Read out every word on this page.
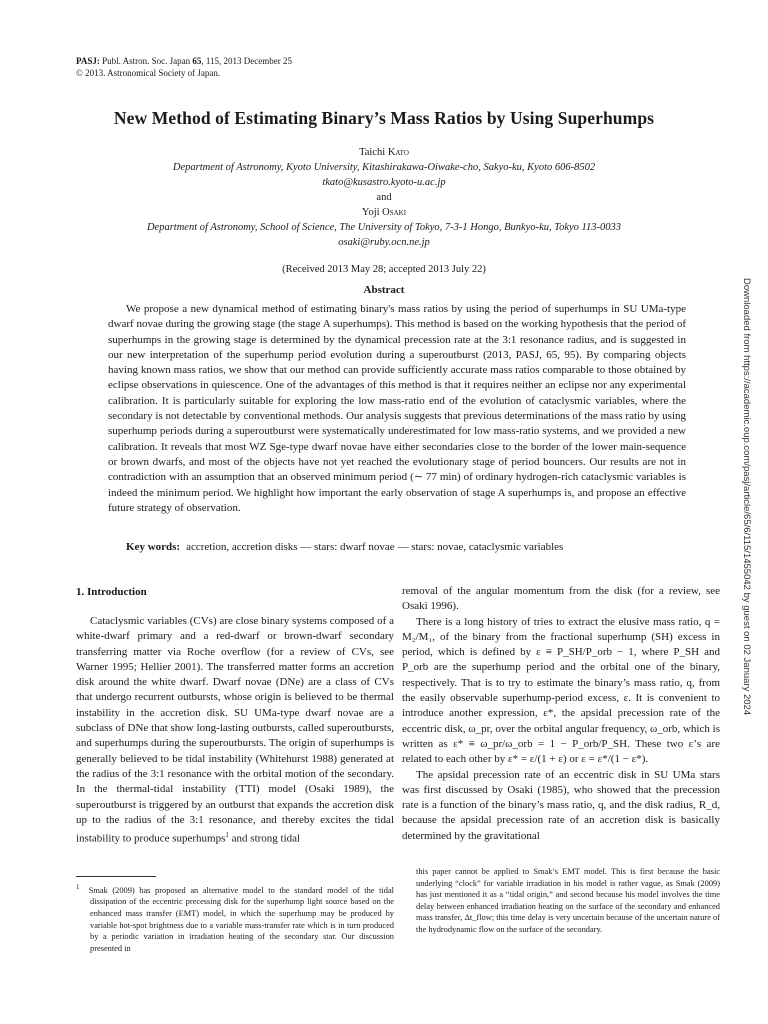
PASJ: Publ. Astron. Soc. Japan 65, 115, 2013 December 25
© 2013. Astronomical Society of Japan.
New Method of Estimating Binary’s Mass Ratios by Using Superhumps
Taichi Kato
Department of Astronomy, Kyoto University, Kitashirakawa-Oiwake-cho, Sakyo-ku, Kyoto 606-8502
tkato@kusastro.kyoto-u.ac.jp
and
Yoji Osaki
Department of Astronomy, School of Science, The University of Tokyo, 7-3-1 Hongo, Bunkyo-ku, Tokyo 113-0033
osaki@ruby.ocn.ne.jp
(Received 2013 May 28; accepted 2013 July 22)
Abstract
We propose a new dynamical method of estimating binary's mass ratios by using the period of superhumps in SU UMa-type dwarf novae during the growing stage (the stage A superhumps). This method is based on the working hypothesis that the period of superhumps in the growing stage is determined by the dynamical precession rate at the 3:1 resonance radius, and is suggested in our new interpretation of the superhump period evolution during a superoutburst (2013, PASJ, 65, 95). By comparing objects having known mass ratios, we show that our method can provide sufficiently accurate mass ratios comparable to those obtained by eclipse observations in quiescence. One of the advantages of this method is that it requires neither an eclipse nor any experimental calibration. It is particularly suitable for exploring the low mass-ratio end of the evolution of cataclysmic variables, where the secondary is not detectable by conventional methods. Our analysis suggests that previous determinations of the mass ratio by using superhump periods during a superoutburst were systematically underestimated for low mass-ratio systems, and we provided a new calibration. It reveals that most WZ Sge-type dwarf novae have either secondaries close to the border of the lower main-sequence or brown dwarfs, and most of the objects have not yet reached the evolutionary stage of period bouncers. Our results are not in contradiction with an assumption that an observed minimum period (∼ 77 min) of ordinary hydrogen-rich cataclysmic variables is indeed the minimum period. We highlight how important the early observation of stage A superhumps is, and propose an effective future strategy of observation.
Key words: accretion, accretion disks — stars: dwarf novae — stars: novae, cataclysmic variables
1. Introduction

Cataclysmic variables (CVs) are close binary systems composed of a white-dwarf primary and a red-dwarf or brown-dwarf secondary transferring matter via Roche overflow (for a review of CVs, see Warner 1995; Hellier 2001). The transferred matter forms an accretion disk around the white dwarf. Dwarf novae (DNe) are a class of CVs that undergo recurrent outbursts, whose origin is believed to be thermal instability in the accretion disk. SU UMa-type dwarf novae are a subclass of DNe that show long-lasting outbursts, called superoutbursts, and superhumps during the superoutbursts. The origin of superhumps is generally believed to be tidal instability (Whitehurst 1988) generated at the radius of the 3:1 resonance with the orbital motion of the secondary. In the thermal-tidal instability (TTI) model (Osaki 1989), the superoutburst is triggered by an outburst that expands the accretion disk up to the radius of the 3:1 resonance, and thereby excites the tidal instability to produce superhumps$^1$ and strong tidal

removal of the angular momentum from the disk (for a review, see Osaki 1996).

There is a long history of tries to extract the elusive mass ratio, q = M₂/M₁, of the binary from the fractional superhump (SH) excess in period, which is defined by ε ≡ P_SH/P_orb − 1, where P_SH and P_orb are the superhump period and the orbital one of the binary, respectively. That is to try to estimate the binary’s mass ratio, q, from the easily observable superhump-period excess, ε. It is convenient to introduce another expression, ε*, the apsidal precession rate of the eccentric disk, ω_pr, over the orbital angular frequency, ω_orb, which is written as ε* ≡ ω_pr/ω_orb = 1 − P_orb/P_SH. These two ε’s are related to each other by ε* = ε/(1 + ε) or ε = ε*/(1 − ε*).

The apsidal precession rate of an eccentric disk in SU UMa stars was first discussed by Osaki (1985), who showed that the precession rate is a function of the binary’s mass ratio, q, and the disk radius, R_d, because the apsidal precession rate of an accretion disk is basically determined by the gravitational

$^1$ Smak (2009) has proposed an alternative model to the standard model of the tidal dissipation of the eccentric precessing disk for the superhump light source based on the enhanced mass transfer (EMT) model, in which the superhump may be produced by variable hot-spot brightness due to a variable mass-transfer rate which is in turn produced by a periodic variation in irradiation heating of the secondary star. Our discussion presented in

this paper cannot be applied to Smak’s EMT model. This is first because the basic underlying “clock” for variable irradiation in his model is rather vague, as Smak (2009) has just mentioned it as a “tidal origin,” and second because his model involves the time delay between enhanced irradiation heating on the surface of the secondary and enhanced mass transfer, Δt_flow; this time delay is very uncertain because of the uncertain nature of the hydrodynamic flow on the surface of the secondary.
Downloaded from https://academic.oup.com/pasj/article/65/6/115/1455042 by guest on 02 January 2024
